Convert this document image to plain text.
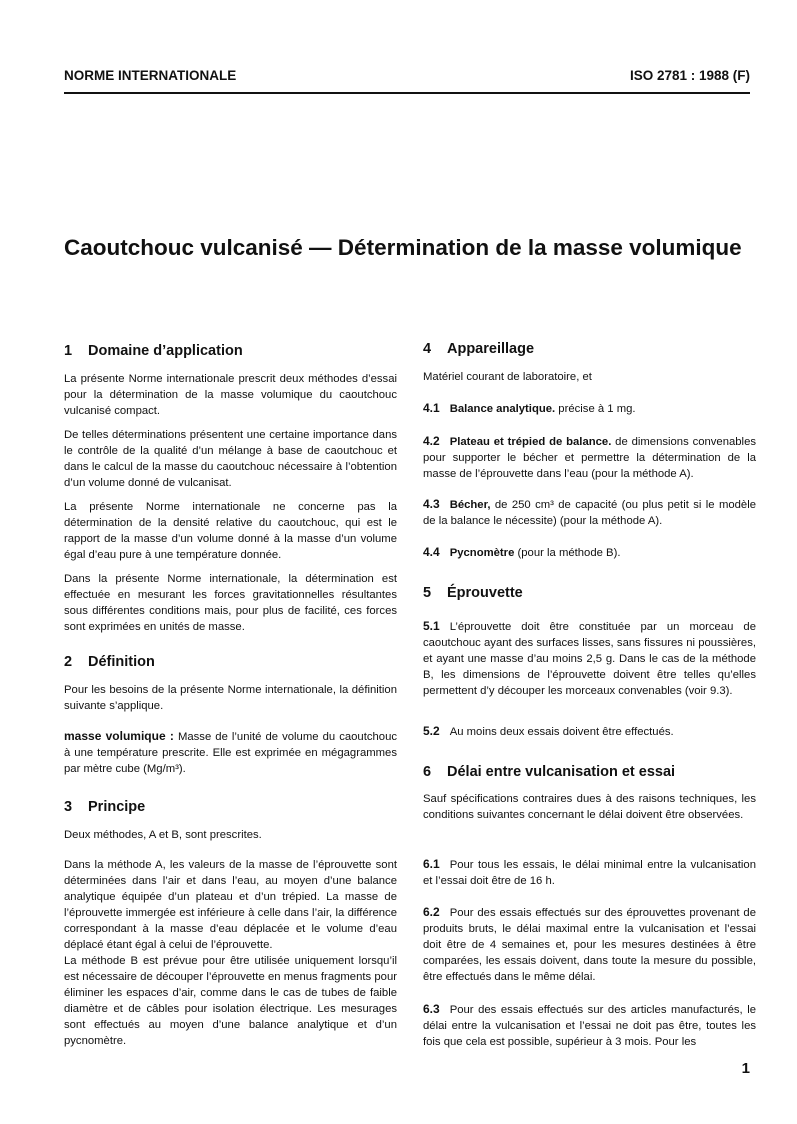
NORME INTERNATIONALE	ISO 2781 : 1988 (F)
Caoutchouc vulcanisé — Détermination de la masse volumique
1 Domaine d’application
La présente Norme internationale prescrit deux méthodes d’essai pour la détermination de la masse volumique du caoutchouc vulcanisé compact.
De telles déterminations présentent une certaine importance dans le contrôle de la qualité d’un mélange à base de caoutchouc et dans le calcul de la masse du caoutchouc nécessaire à l’obtention d’un volume donné de vulcanisat.
La présente Norme internationale ne concerne pas la détermination de la densité relative du caoutchouc, qui est le rapport de la masse d’un volume donné à la masse d’un volume égal d’eau pure à une température donnée.
Dans la présente Norme internationale, la détermination est effectuée en mesurant les forces gravitationnelles résultantes sous différentes conditions mais, pour plus de facilité, ces forces sont exprimées en unités de masse.
2 Définition
Pour les besoins de la présente Norme internationale, la définition suivante s’applique.
masse volumique : Masse de l’unité de volume du caoutchouc à une température prescrite. Elle est exprimée en mégagrammes par mètre cube (Mg/m³).
3 Principe
Deux méthodes, A et B, sont prescrites.
Dans la méthode A, les valeurs de la masse de l’éprouvette sont déterminées dans l’air et dans l’eau, au moyen d’une balance analytique équipée d’un plateau et d’un trépied. La masse de l’éprouvette immergée est inférieure à celle dans l’air, la différence correspondant à la masse d’eau déplacée et le volume d’eau déplacé étant égal à celui de l’éprouvette.
La méthode B est prévue pour être utilisée uniquement lorsqu’il est nécessaire de découper l’éprouvette en menus fragments pour éliminer les espaces d’air, comme dans le cas de tubes de faible diamètre et de câbles pour isolation électrique. Les mesurages sont effectués au moyen d’une balance analytique et d’un pycnomètre.
4 Appareillage
Matériel courant de laboratoire, et
4.1 Balance analytique. précise à 1 mg.
4.2 Plateau et trépied de balance. de dimensions convenables pour supporter le bécher et permettre la détermination de la masse de l’éprouvette dans l’eau (pour la méthode A).
4.3 Bécher, de 250 cm³ de capacité (ou plus petit si le modèle de la balance le nécessite) (pour la méthode A).
4.4 Pycnomètre (pour la méthode B).
5 Éprouvette
5.1 L’éprouvette doit être constituée par un morceau de caoutchouc ayant des surfaces lisses, sans fissures ni poussières, et ayant une masse d’au moins 2,5 g. Dans le cas de la méthode B, les dimensions de l’éprouvette doivent être telles qu’elles permettent d’y découper les morceaux convenables (voir 9.3).
5.2 Au moins deux essais doivent être effectués.
6 Délai entre vulcanisation et essai
Sauf spécifications contraires dues à des raisons techniques, les conditions suivantes concernant le délai doivent être observées.
6.1 Pour tous les essais, le délai minimal entre la vulcanisation et l’essai doit être de 16 h.
6.2 Pour des essais effectués sur des éprouvettes provenant de produits bruts, le délai maximal entre la vulcanisation et l’essai doit être de 4 semaines et, pour les mesures destinées à être comparées, les essais doivent, dans toute la mesure du possible, être effectués dans le même délai.
6.3 Pour des essais effectués sur des articles manufacturés, le délai entre la vulcanisation et l’essai ne doit pas être, toutes les fois que cela est possible, supérieur à 3 mois. Pour les
1
